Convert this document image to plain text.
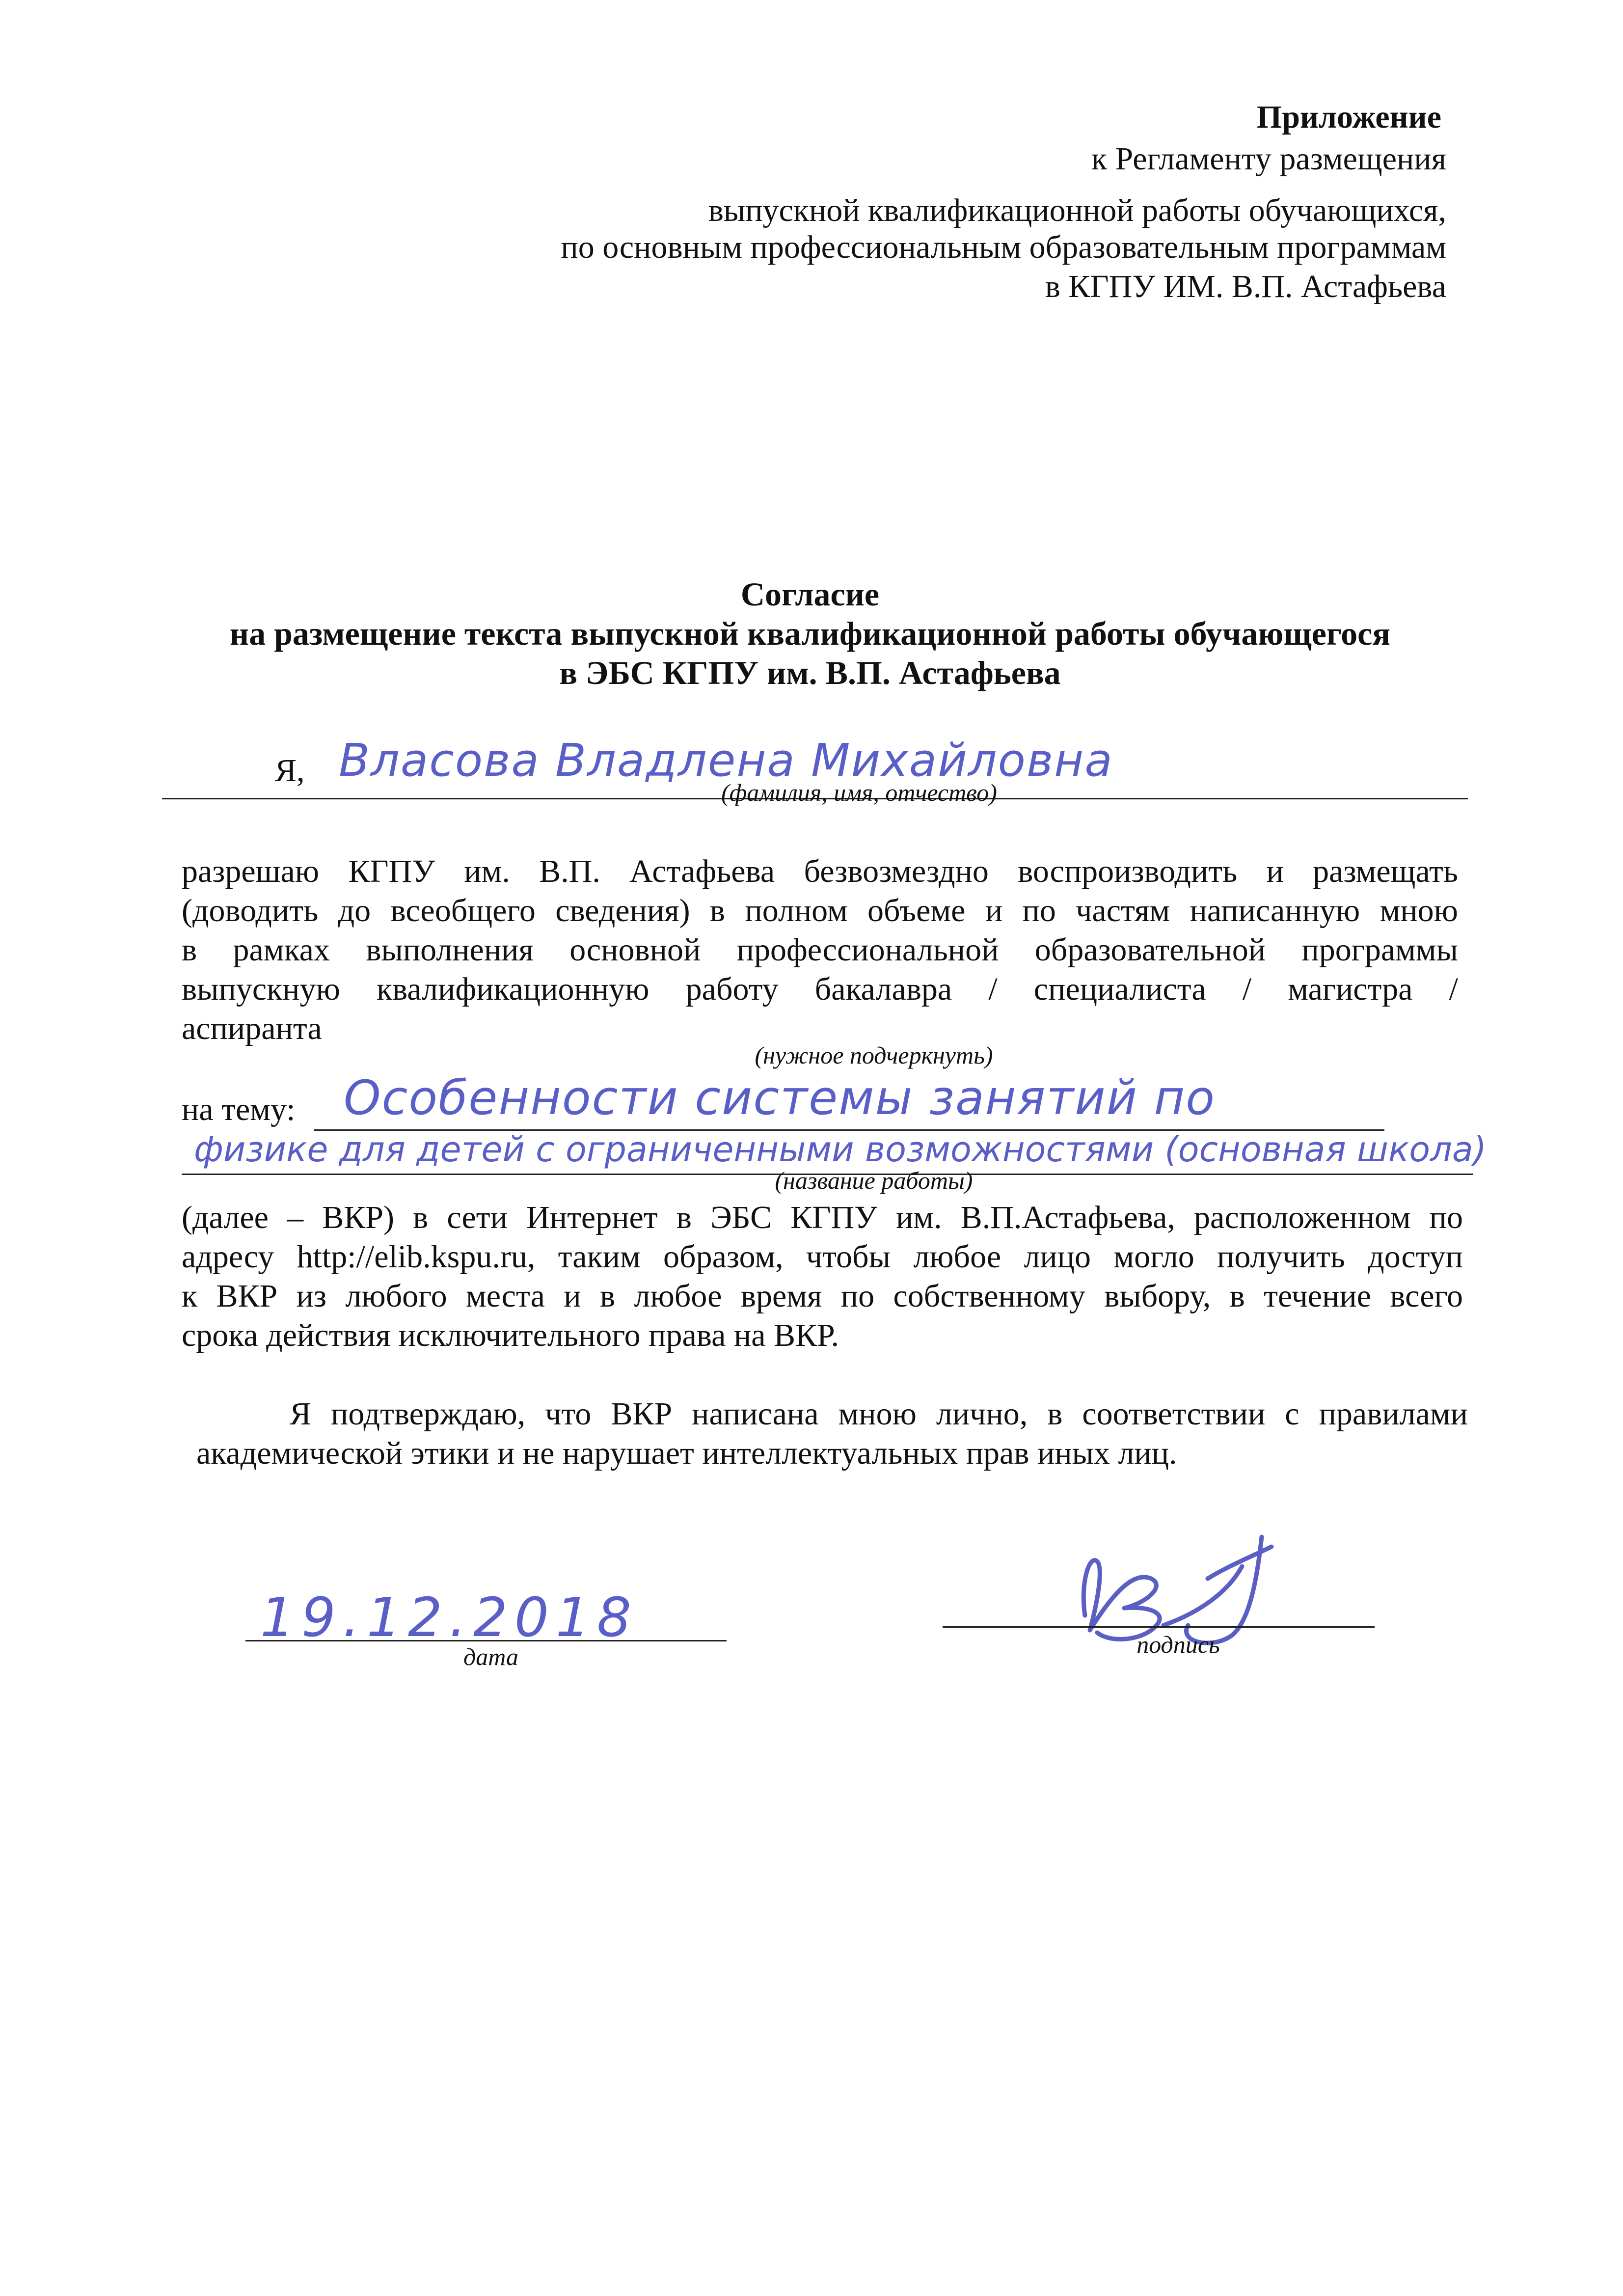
Приложение
к Регламенту размещения
выпускной квалификационной работы обучающихся,
по основным профессиональным образовательным программам
в КГПУ ИМ. В.П. Астафьева
Согласие
на размещение текста выпускной квалификационной работы обучающегося
в ЭБС КГПУ им. В.П. Астафьева
Я, Власова Владлена Михайловна
(фамилия, имя, отчество)
разрешаю КГПУ им. В.П. Астафьева безвозмездно воспроизводить и размещать
(доводить до всеобщего сведения) в полном объеме и по частям написанную мною
в рамках выполнения основной профессиональной образовательной программы
выпускную квалификационную работу бакалавра / специалиста / магистра /
аспиранта
(нужное подчеркнуть)
на тему: Особенности системы занятий по
физике для детей с ограниченными возможностями (основная школа)
(название работы)
(далее – ВКР) в сети Интернет в ЭБС КГПУ им. В.П.Астафьева, расположенном по
адресу http://elib.kspu.ru, таким образом, чтобы любое лицо могло получить доступ
к ВКР из любого места и в любое время по собственному выбору, в течение всего
срока действия исключительного права на ВКР.
Я подтверждаю, что ВКР написана мною лично, в соответствии с правилами
академической этики и не нарушает интеллектуальных прав иных лиц.
19.12.2018
дата	подпись
